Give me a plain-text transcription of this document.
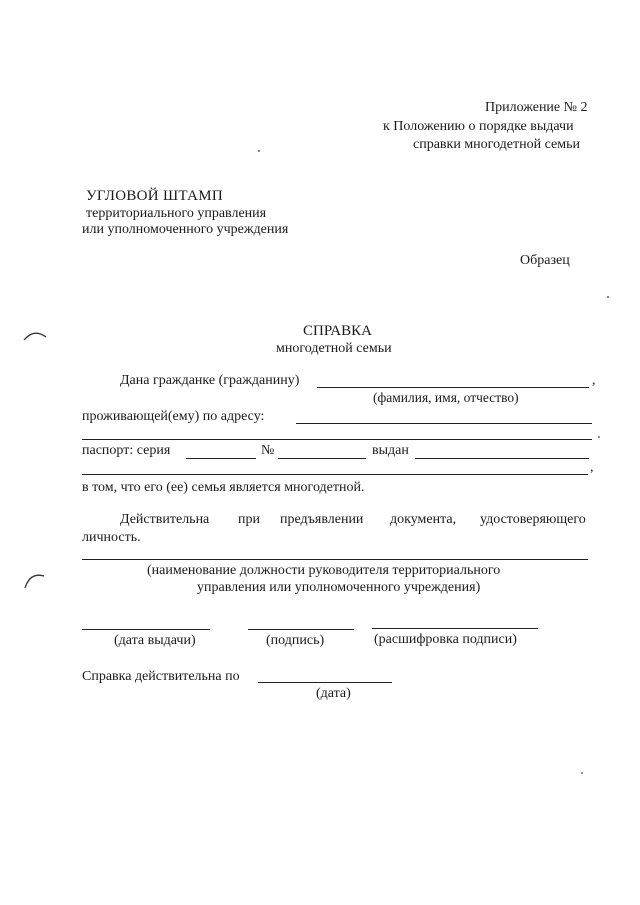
Приложение № 2
к Положению о порядке выдачи
справки многодетной семьи
УГЛОВОЙ ШТАМП
территориального управления
или уполномоченного учреждения
Образец
СПРАВКА
многодетной семьи
Дана гражданке (гражданину)	,
(фамилия, имя, отчество)
проживающей(ему) по адресу:
паспорт: серия	№	выдан
,
в том, что его (ее) семья является многодетной.
Действительна при предъявлении документа, удостоверяющего
личность.
(наименование должности руководителя территориального
управления или уполномоченного учреждения)
(дата выдачи)	(подпись)	(расшифровка подписи)
Справка действительна по
(дата)
